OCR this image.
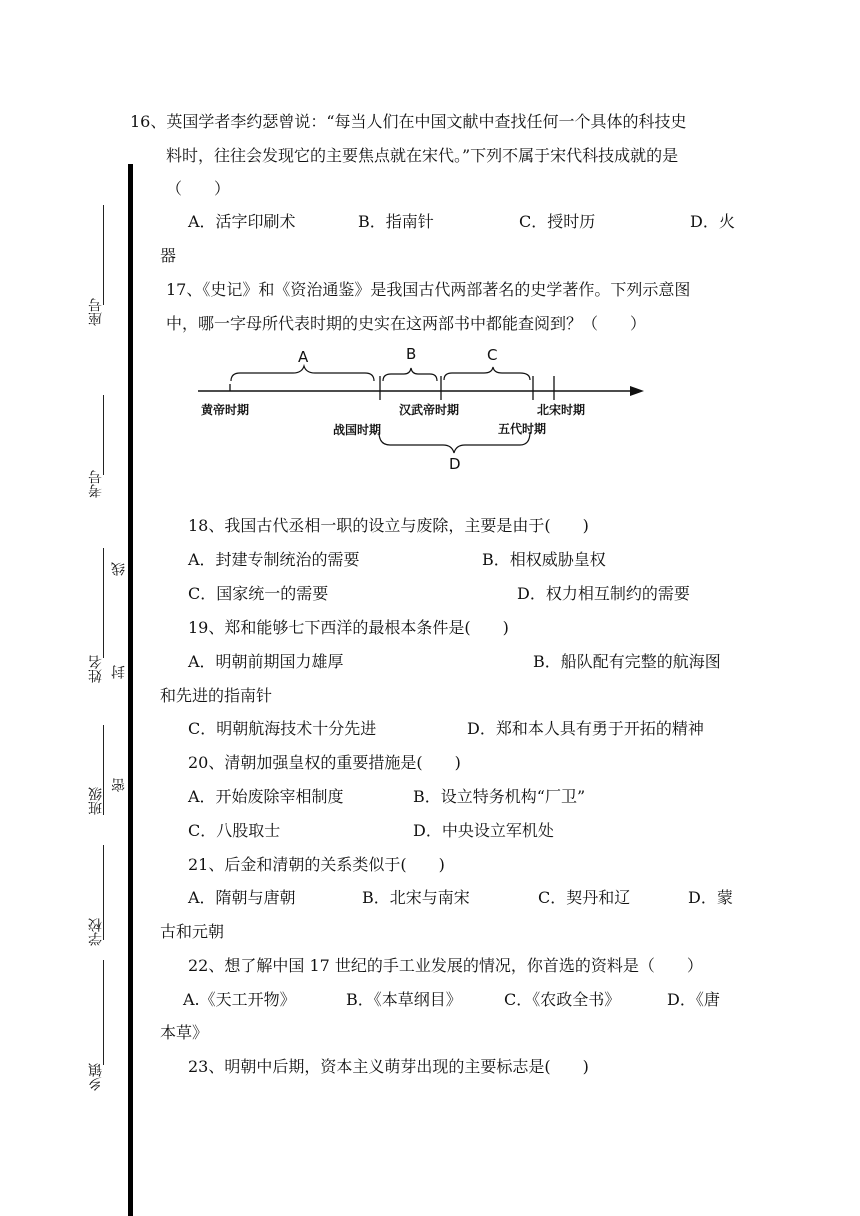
座号
考号
姓名
班级
学校
乡镇
线
封
密
16、英国学者李约瑟曾说：“每当人们在中国文献中查找任何一个具体的科技史
料时，往往会发现它的主要焦点就在宋代。”下列不属于宋代科技成就的是
（　　）
A．活字印刷术	B．指南针	C．授时历	D．火
器
17、《史记》和《资治通鉴》是我国古代两部著名的史学著作。下列示意图
中，哪一字母所代表时期的史实在这两部书中都能查阅到？（　　）
A	B	C
D
黄帝时期
战国时期
汉武帝时期
五代时期
北宋时期
18、我国古代丞相一职的设立与废除，主要是由于(　　)
A．封建专制统治的需要	B．相权威胁皇权
C．国家统一的需要	D．权力相互制约的需要
19、郑和能够七下西洋的最根本条件是(　　)
A．明朝前期国力雄厚	B．船队配有完整的航海图
和先进的指南针
C．明朝航海技术十分先进	D．郑和本人具有勇于开拓的精神
20、清朝加强皇权的重要措施是(　　)
A．开始废除宰相制度	B．设立特务机构“厂卫”
C．八股取士	D．中央设立军机处
21、后金和清朝的关系类似于(　　)
A．隋朝与唐朝	B．北宋与南宋	C．契丹和辽	D．蒙
古和元朝
22、想了解中国 17 世纪的手工业发展的情况，你首选的资料是（　　）
A.《天工开物》	B．《本草纲目》	C．《农政全书》	D．《唐
本草》
23、明朝中后期，资本主义萌芽出现的主要标志是(　　)
